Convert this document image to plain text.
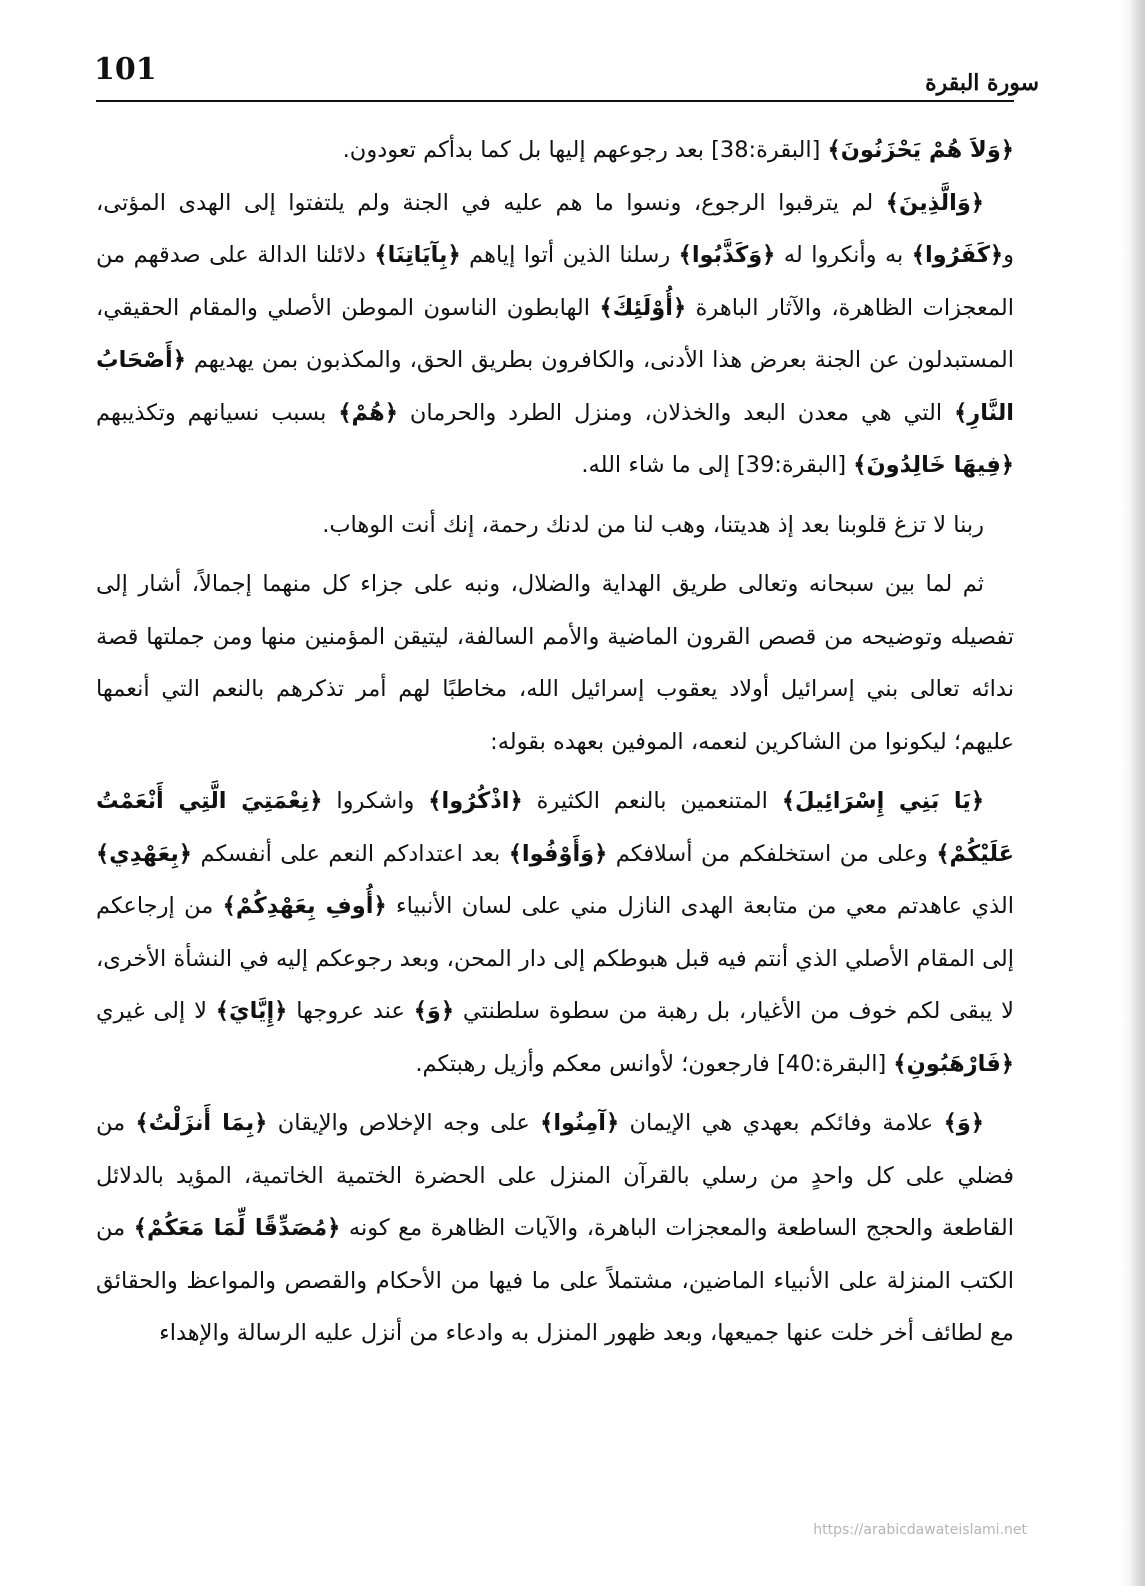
101	سورة البقرة

﴿وَلاَ هُمْ يَحْزَنُونَ﴾ [البقرة:38] بعد رجوعهم إليها بل كما بدأكم تعودون.

﴿وَالَّذِينَ﴾ لم يترقبوا الرجوع، ونسوا ما هم عليه في الجنة ولم يلتفتوا إلى الهدى المؤتى، و﴿كَفَرُوا﴾ به وأنكروا له ﴿وَكَذَّبُوا﴾ رسلنا الذين أتوا إياهم ﴿بِآيَاتِنَا﴾ دلائلنا الدالة على صدقهم من المعجزات الظاهرة، والآثار الباهرة ﴿أُوْلَئِكَ﴾ الهابطون الناسون الموطن الأصلي والمقام الحقيقي، المستبدلون عن الجنة بعرض هذا الأدنى، والكافرون بطريق الحق، والمكذبون بمن يهديهم ﴿أَصْحَابُ النَّارِ﴾ التي هي معدن البعد والخذلان، ومنزل الطرد والحرمان ﴿هُمْ﴾ بسبب نسيانهم وتكذيبهم ﴿فِيهَا خَالِدُونَ﴾ [البقرة:39] إلى ما شاء الله.

ربنا لا تزغ قلوبنا بعد إذ هديتنا، وهب لنا من لدنك رحمة، إنك أنت الوهاب.

ثم لما بين سبحانه وتعالى طريق الهداية والضلال، ونبه على جزاء كل منهما إجمالاً، أشار إلى تفصيله وتوضيحه من قصص القرون الماضية والأمم السالفة، ليتيقن المؤمنين منها ومن جملتها قصة ندائه تعالى بني إسرائيل أولاد يعقوب إسرائيل الله، مخاطبًا لهم أمر تذكرهم بالنعم التي أنعمها عليهم؛ ليكونوا من الشاكرين لنعمه، الموفين بعهده بقوله:

﴿يَا بَنِي إِسْرَائِيلَ﴾ المتنعمين بالنعم الكثيرة ﴿اذْكُرُوا﴾ واشكروا ﴿نِعْمَتِيَ الَّتِي أَنْعَمْتُ عَلَيْكُمْ﴾ وعلى من استخلفكم من أسلافكم ﴿وَأَوْفُوا﴾ بعد اعتدادكم النعم على أنفسكم ﴿بِعَهْدِي﴾ الذي عاهدتم معي من متابعة الهدى النازل مني على لسان الأنبياء ﴿أُوفِ بِعَهْدِكُمْ﴾ من إرجاعكم إلى المقام الأصلي الذي أنتم فيه قبل هبوطكم إلى دار المحن، وبعد رجوعكم إليه في النشأة الأخرى، لا يبقى لكم خوف من الأغيار، بل رهبة من سطوة سلطنتي ﴿وَ﴾ عند عروجها ﴿إِيَّايَ﴾ لا إلى غيري ﴿فَارْهَبُونِ﴾ [البقرة:40] فارجعون؛ لأوانس معكم وأزيل رهبتكم.

﴿وَ﴾ علامة وفائكم بعهدي هي الإيمان ﴿آمِنُوا﴾ على وجه الإخلاص والإيقان ﴿بِمَا أَنزَلْتُ﴾ من فضلي على كل واحدٍ من رسلي بالقرآن المنزل على الحضرة الختمية الخاتمية، المؤيد بالدلائل القاطعة والحجج الساطعة والمعجزات الباهرة، والآيات الظاهرة مع كونه ﴿مُصَدِّقًا لِّمَا مَعَكُمْ﴾ من الكتب المنزلة على الأنبياء الماضين، مشتملاً على ما فيها من الأحكام والقصص والمواعظ والحقائق مع لطائف أخر خلت عنها جميعها، وبعد ظهور المنزل به وادعاء من أنزل عليه الرسالة والإهداء

https://arabicdawateislami.net
